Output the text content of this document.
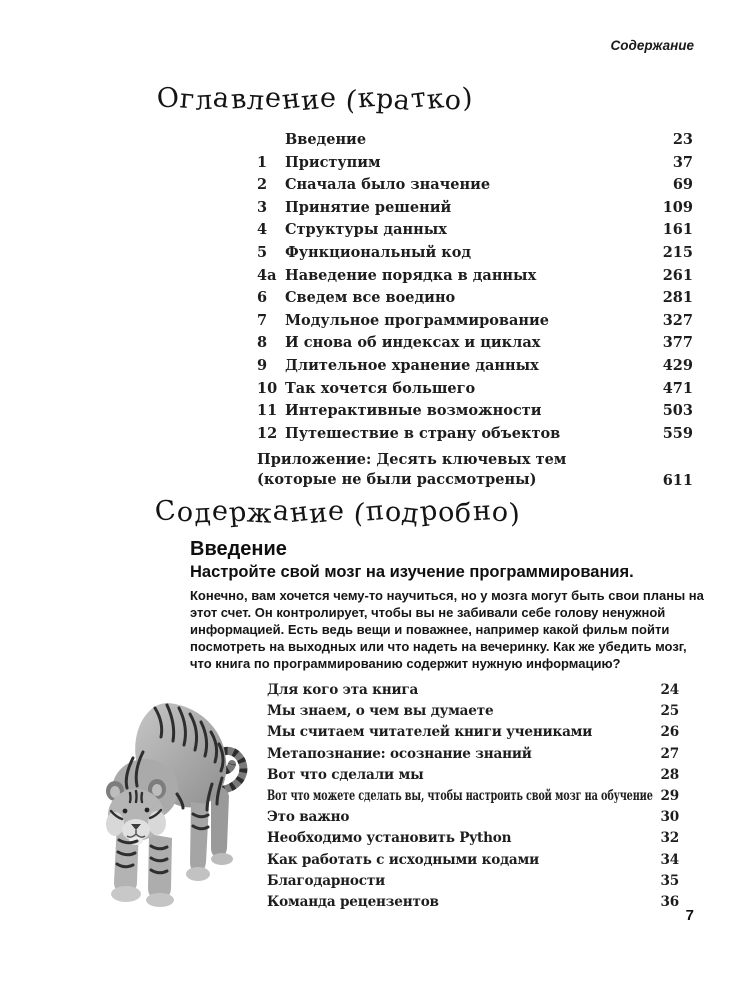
Содержание
Оглавление (кратко)
Введение	23
1	Приступим	37
2	Сначала было значение	69
3	Принятие решений	109
4	Структуры данных	161
5	Функциональный код	215
4a Наведение порядка в данных	261
6	Сведем все воедино	281
7	Модульное программирование	327
8	И снова об индексах и циклах	377
9	Длительное хранение данных	429
10 Так хочется большего	471
11 Интерактивные возможности	503
12 Путешествие в страну объектов	559
Приложение: Десять ключевых тем
(которые не были рассмотрены)	611
Содержание (подробно)
Введение
Настройте свой мозг на изучение программирования.

Конечно, вам хочется чему-то научиться, но у мозга могут быть свои планы на этот счет. Он контролирует, чтобы вы не забивали себе голову ненужной информацией. Есть ведь вещи и поважнее, например какой фильм пойти посмотреть на выходных или что надеть на вечеринку. Как же убедить мозг, что книга по программированию содержит нужную информацию?

Для кого эта книга	24
Мы знаем, о чем вы думаете	25
Мы считаем читателей книги учениками	26
Метапознание: осознание знаний	27
Вот что сделали мы	28
Вот что можете сделать вы, чтобы настроить свой мозг на обучение 29
Это важно	30
Необходимо установить Python	32
Как работать с исходными кодами	34
Благодарности	35
Команда рецензентов	36
7
